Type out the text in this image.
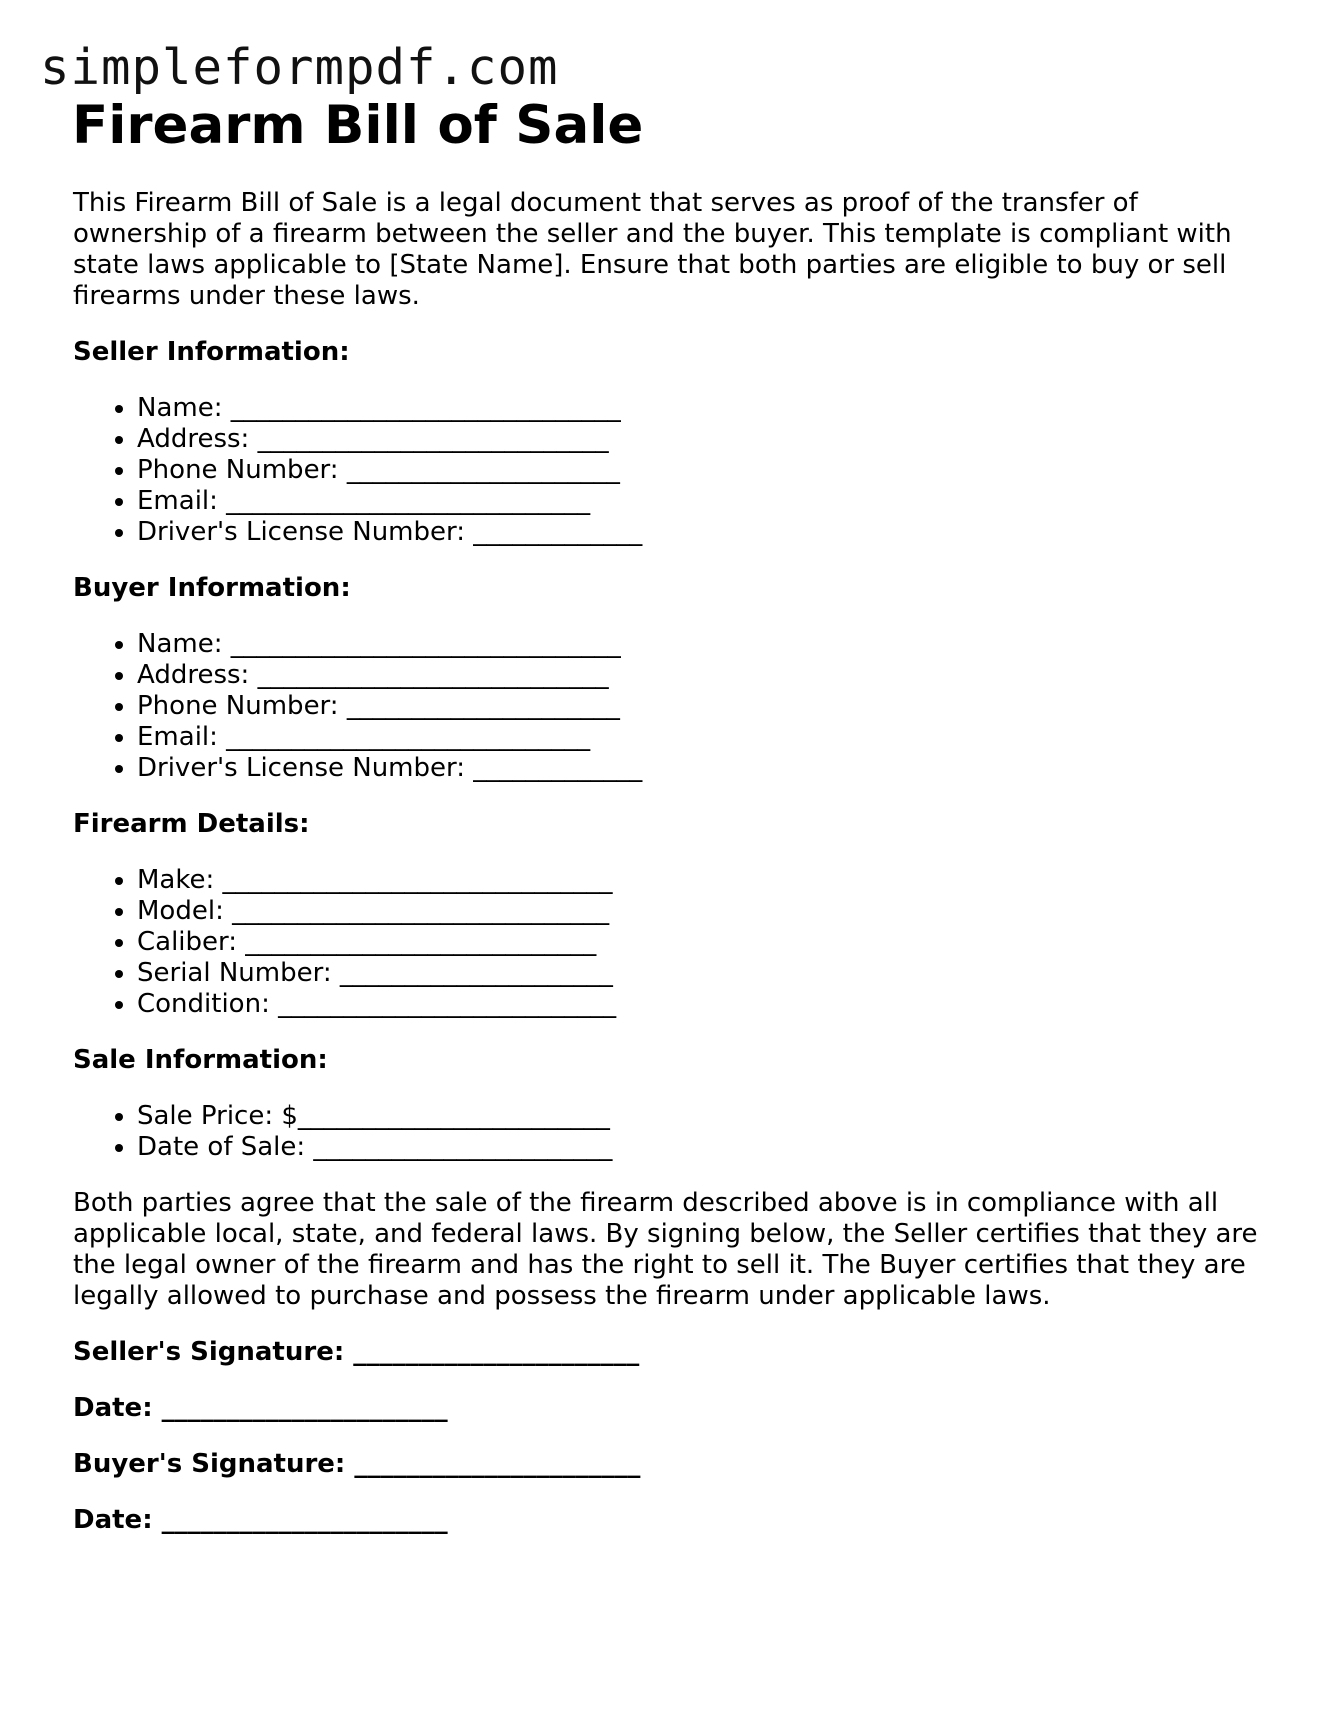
simpleformpdf.com
Firearm Bill of Sale

This Firearm Bill of Sale is a legal document that serves as proof of the transfer of ownership of a firearm between the seller and the buyer. This template is compliant with state laws applicable to [State Name]. Ensure that both parties are eligible to buy or sell firearms under these laws.

Seller Information:

• Name: ______________________________
• Address: ___________________________
• Phone Number: _____________________
• Email: ____________________________
• Driver's License Number: _____________

Buyer Information:

• Name: ______________________________
• Address: ___________________________
• Phone Number: _____________________
• Email: ____________________________
• Driver's License Number: _____________

Firearm Details:

• Make: ______________________________
• Model: _____________________________
• Caliber: ___________________________
• Serial Number: _____________________
• Condition: __________________________

Sale Information:

• Sale Price: $________________________
• Date of Sale: _______________________

Both parties agree that the sale of the firearm described above is in compliance with all applicable local, state, and federal laws. By signing below, the Seller certifies that they are the legal owner of the firearm and has the right to sell it. The Buyer certifies that they are legally allowed to purchase and possess the firearm under applicable laws.

Seller's Signature: ______________________

Date: ______________________

Buyer's Signature: ______________________

Date: ______________________
